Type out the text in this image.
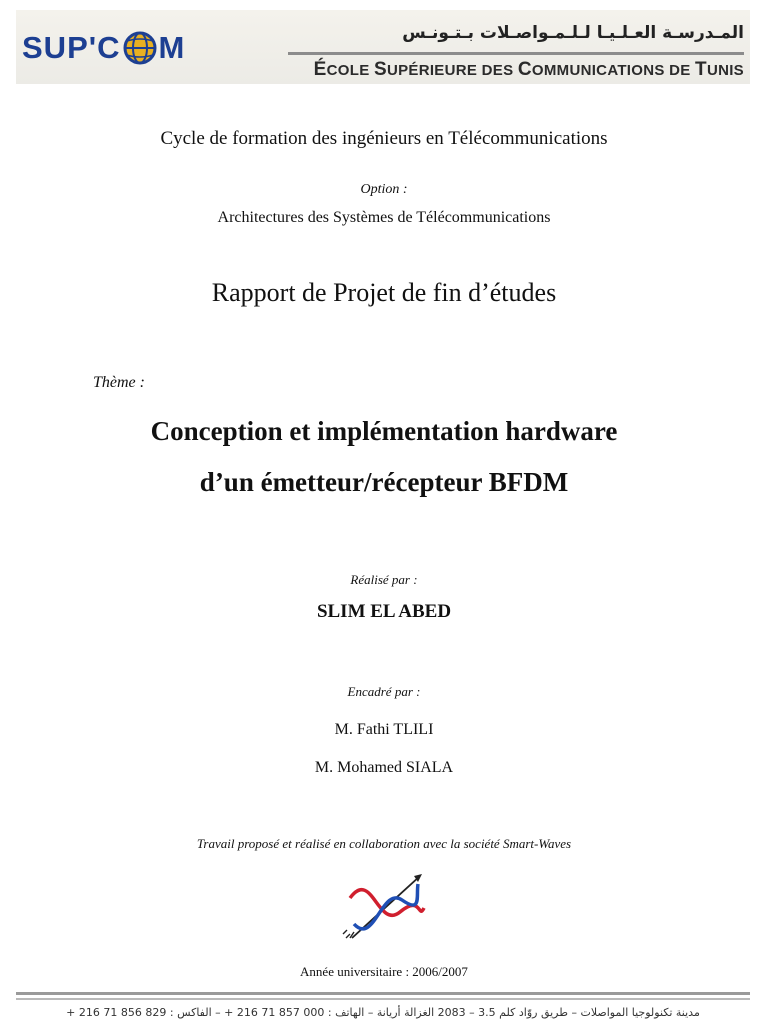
SUP'C M	المـدرسـة العـلـيـا لـلـمـواصـلات بـتـونـس
ÉCOLE SUPÉRIEURE DES COMMUNICATIONS DE TUNIS
Cycle de formation des ingénieurs en Télécommunications
Option :
Architectures des Systèmes de Télécommunications
Rapport de Projet de fin d’études
Thème :
Conception et implémentation hardware
d’un émetteur/récepteur BFDM
Réalisé par :
SLIM EL ABED
Encadré par :
M. Fathi TLILI
M. Mohamed SIALA
Travail proposé et réalisé en collaboration avec la société Smart-Waves
Année universitaire : 2006/2007
مدينة تكنولوجيا المواصلات – طريق روّاد كلم 3.5 – 2083 الغزالة أريانة – الهاتف : 000 857 71 216 + – الفاكس : 829 856 71 216 +
